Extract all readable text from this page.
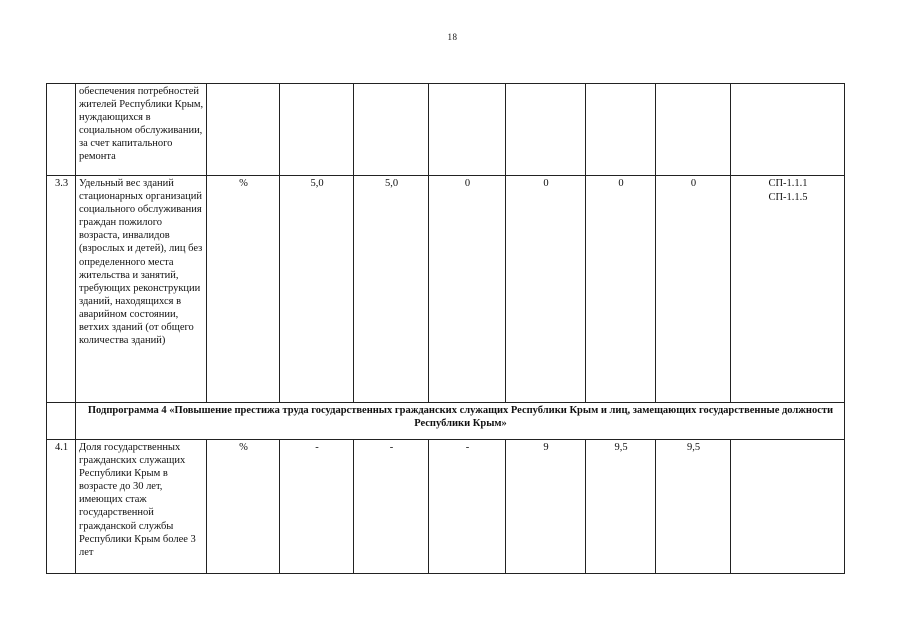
18
	обеспечения потребностей жителей Республики Крым, нуждающихся в социальном обслуживании, за счет капитального ремонта								
3.3	Удельный вес зданий стационарных организаций социального обслуживания граждан пожилого возраста, инвалидов (взрослых и детей), лиц без определенного места жительства и занятий, требующих реконструкции зданий, находящихся в аварийном состоянии, ветхих зданий (от общего количества зданий)	%	5,0	5,0	0	0	0	0	СП-1.1.1
СП-1.1.5

	Подпрограмма 4 «Повышение престижа труда государственных гражданских служащих Республики Крым и лиц, замещающих государственные должности Республики Крым»								
4.1	Доля государственных гражданских служащих Республики Крым в возрасте до 30 лет, имеющих стаж государственной гражданской службы Республики Крым более 3 лет	%	-	-	-	9	9,5	9,5	
